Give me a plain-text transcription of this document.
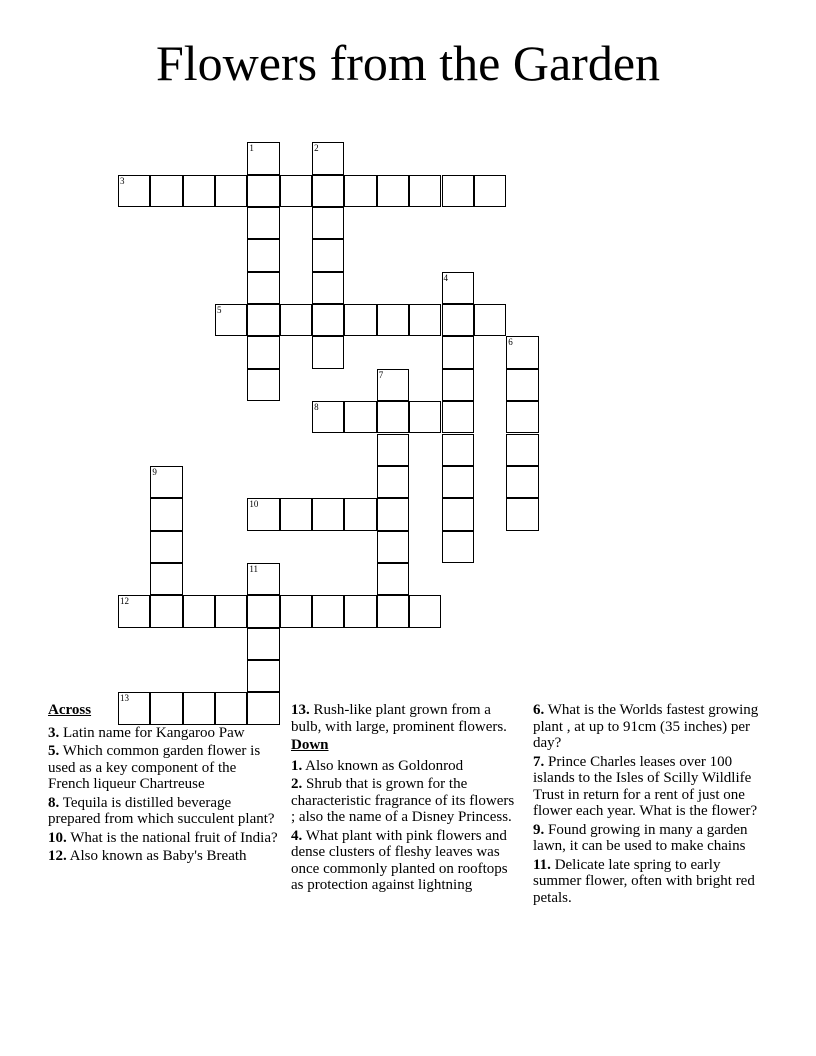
Flowers from the Garden
1	2
3
4
5
6
7
8
9
10
11
12
13
Across
3. Latin name for Kangaroo Paw
5. Which common garden flower is used as a key component of the French liqueur Chartreuse
8. Tequila is distilled beverage prepared from which succulent plant?
10. What is the national fruit of India?
12. Also known as Baby's Breath
13. Rush-like plant grown from a bulb, with large, prominent flowers.
Down
1. Also known as Goldonrod
2. Shrub that is grown for the characteristic fragrance of its flowers ; also the name of a Disney Princess.
4. What plant with pink flowers and dense clusters of fleshy leaves was once commonly planted on rooftops as protection against lightning
6. What is the Worlds fastest growing plant , at up to 91cm (35 inches) per day?
7. Prince Charles leases over 100 islands to the Isles of Scilly Wildlife Trust in return for a rent of just one flower each year. What is the flower?
9. Found growing in many a garden lawn, it can be used to make chains
11. Delicate late spring to early summer flower, often with bright red petals.
